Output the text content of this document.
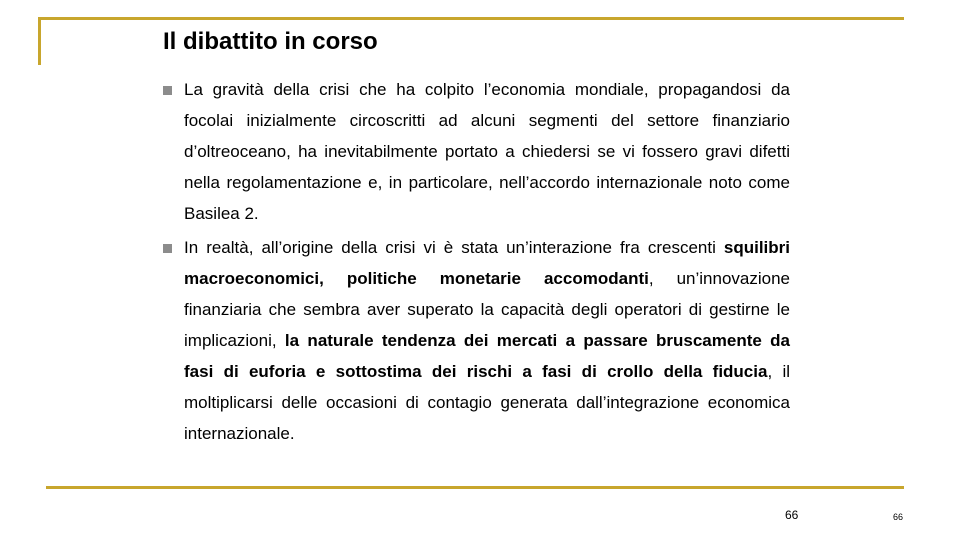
Il dibattito in corso
La gravità della crisi che ha colpito l’economia mondiale, propagandosi da focolai inizialmente circoscritti ad alcuni segmenti del settore finanziario d’oltreoceano, ha inevitabilmente portato a chiedersi se vi fossero gravi difetti nella regolamentazione e, in particolare, nell’accordo internazionale noto come Basilea 2.
In realtà, all’origine della crisi vi è stata un’interazione fra crescenti squilibri macroeconomici, politiche monetarie accomodanti, un’innovazione finanziaria che sembra aver superato la capacità degli operatori di gestirne le implicazioni, la naturale tendenza dei mercati a passare bruscamente da fasi di euforia e sottostima dei rischi a fasi di crollo della fiducia, il moltiplicarsi delle occasioni di contagio generata dall’integrazione economica internazionale.
66	66
